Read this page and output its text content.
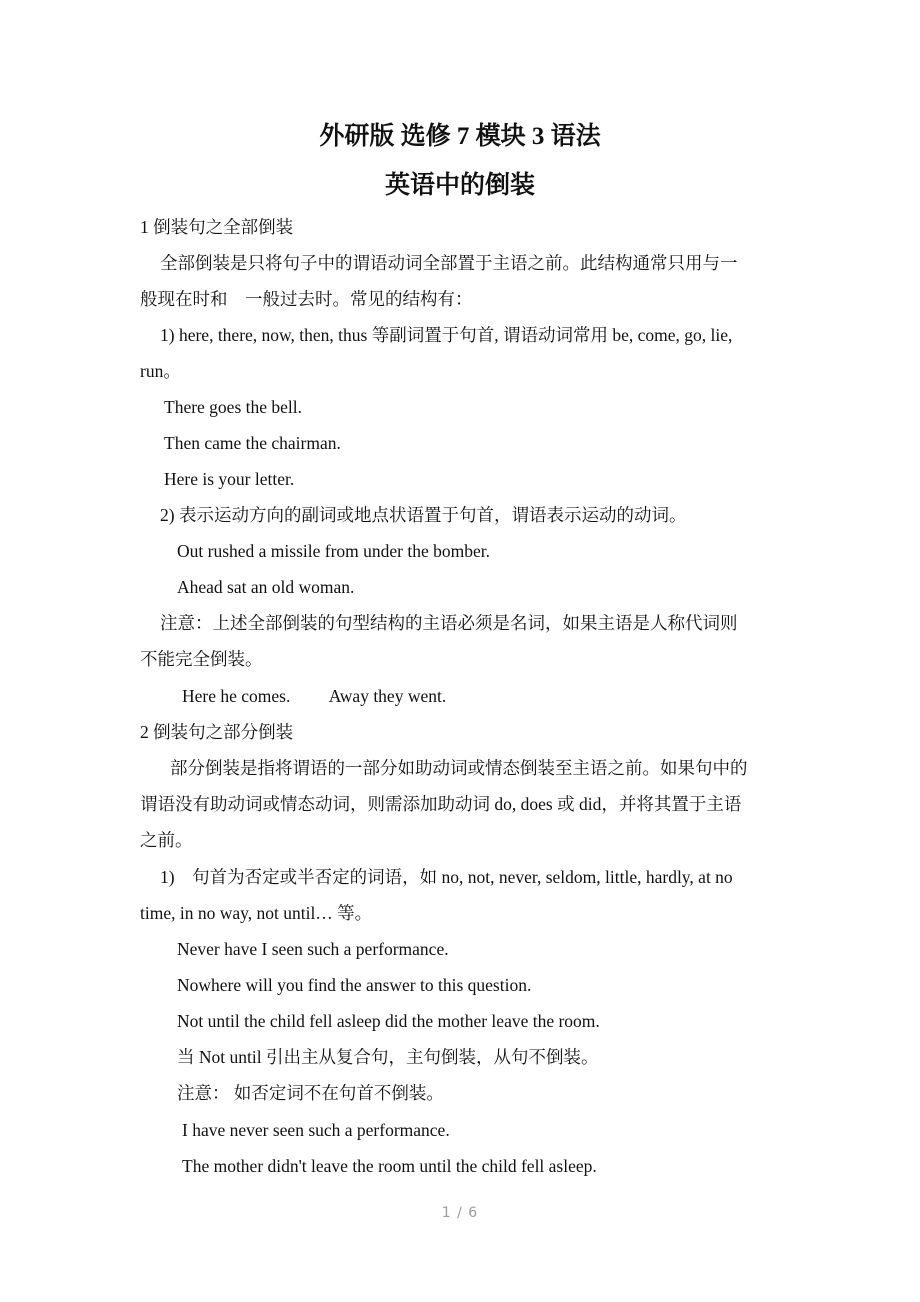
外研版 选修 7 模块 3 语法
英语中的倒装
1 倒装句之全部倒装
全部倒装是只将句子中的谓语动词全部置于主语之前。此结构通常只用与一
般现在时和　一般过去时。常见的结构有：
1) here, there, now, then, thus 等副词置于句首, 谓语动词常用 be, come, go, lie,
run。
There goes the bell.
Then came the chairman.
Here is your letter.
2) 表示运动方向的副词或地点状语置于句首，谓语表示运动的动词。
Out rushed a missile from under the bomber.
Ahead sat an old woman.
注意：上述全部倒装的句型结构的主语必须是名词，如果主语是人称代词则
不能完全倒装。
Here he comes.         Away they went.
2 倒装句之部分倒装
部分倒装是指将谓语的一部分如助动词或情态倒装至主语之前。如果句中的
谓语没有助动词或情态动词，则需添加助动词 do, does 或 did，并将其置于主语
之前。
1)    句首为否定或半否定的词语，如 no, not, never, seldom, little, hardly, at no
time, in no way, not until… 等。
Never have I seen such a performance.
Nowhere will you find the answer to this question.
Not until the child fell asleep did the mother leave the room.
当 Not until 引出主从复合句，主句倒装，从句不倒装。
注意： 如否定词不在句首不倒装。
I have never seen such a performance.
The mother didn't leave the room until the child fell asleep.
1 / 6
